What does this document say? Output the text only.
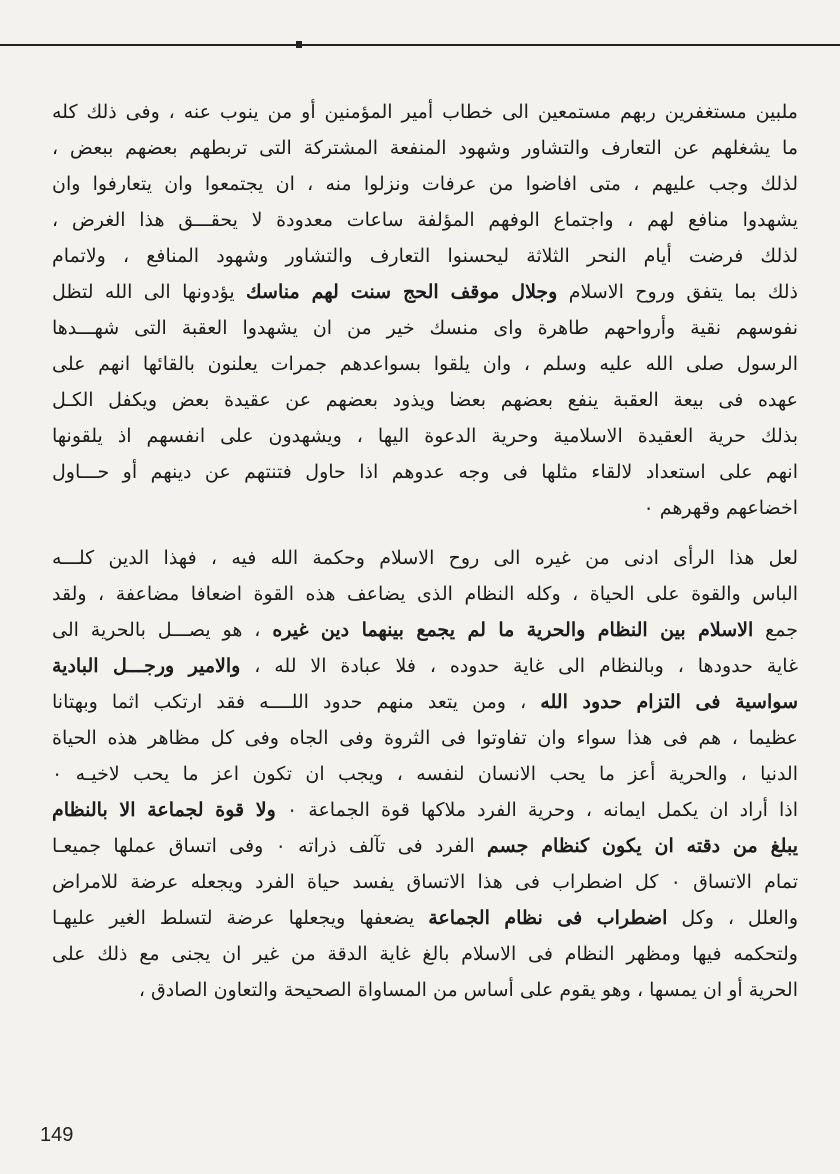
ملبين مستغفرين ربهم مستمعين الى خطاب أمير المؤمنين أو من ينوب عنه ، وفى ذلك كله

ما يشغلهم عن التعارف والتشاور وشهود المنفعة المشتركة التى تربطهم بعضهم ببعض ،

لذلك وجب عليهم ، متى افاضوا من عرفات ونزلوا منه ، ان يجتمعوا وان يتعارفوا وان

يشهدوا منافع لهم ، واجتماع الوفهم المؤلفة ساعات معدودة لا يحقـــق هذا الغرض ،

لذلك فرضت أيام النحر الثلاثة ليحسنوا التعارف والتشاور وشهود المنافع ، ولاتمام

ذلك بما يتفق وروح الاسلام وجلال موقف الحج سنت لهم مناسك يؤدونها الى الله لتظل

نفوسهم نقية وأرواحهم طاهرة واى منسك خير من ان يشهدوا العقبة التى شهـــدها

الرسول صلى الله عليه وسلم ، وان يلقوا بسواعدهم جمرات يعلنون بالقائها انهم على

عهده فى بيعة العقبة ينفع بعضهم بعضا ويذود بعضهم عن عقيدة بعض ويكفل الكـل

بذلك حرية العقيدة الاسلامية وحرية الدعوة اليها ، ويشهدون على انفسهم اذ يلقونها

انهم على استعداد لالقاء مثلها فى وجه عدوهم اذا حاول فتنتهم عن دينهم أو حـــاول

اخضاعهم وقهرهم ٠

لعل هذا الرأى ادنى من غيره الى روح الاسلام وحكمة الله فيه ، فهذا الدين كلـــه

الباس والقوة على الحياة ، وكله النظام الذى يضاعف هذه القوة اضعافا مضاعفة ، ولقد

جمع الاسلام بين النظام والحرية ما لم يجمع بينهما دين غيره ، هو يصـــل بالحرية الى

غاية حدودها ، وبالنظام الى غاية حدوده ، فلا عبادة الا لله ، والامير ورجـــل البادية

سواسية فى التزام حدود الله ، ومن يتعد منهم حدود اللــــه فقد ارتكب اثما وبهتانا

عظيما ، هم فى هذا سواء وان تفاوتوا فى الثروة وفى الجاه وفى كل مظاهر هذه الحياة

الدنيا ، والحرية أعز ما يحب الانسان لنفسه ، ويجب ان تكون اعز ما يحب لاخيـه ٠

اذا أراد ان يكمل ايمانه ، وحرية الفرد ملاكها قوة الجماعة ٠ ولا قوة لجماعة الا بالنظام

يبلغ من دقته ان يكون كنظام جسم الفرد فى تآلف ذراته ٠ وفى اتساق عملها جميعـا

تمام الاتساق ٠ كل اضطراب فى هذا الاتساق يفسد حياة الفرد ويجعله عرضة للامراض

والعلل ، وكل اضطراب فى نظام الجماعة يضعفها ويجعلها عرضة لتسلط الغير عليهـا

ولتحكمه فيها ومظهر النظام فى الاسلام بالغ غاية الدقة من غير ان يجنى مع ذلك على

الحرية أو ان يمسها ، وهو يقوم على أساس من المساواة الصحيحة والتعاون الصادق ،

149
